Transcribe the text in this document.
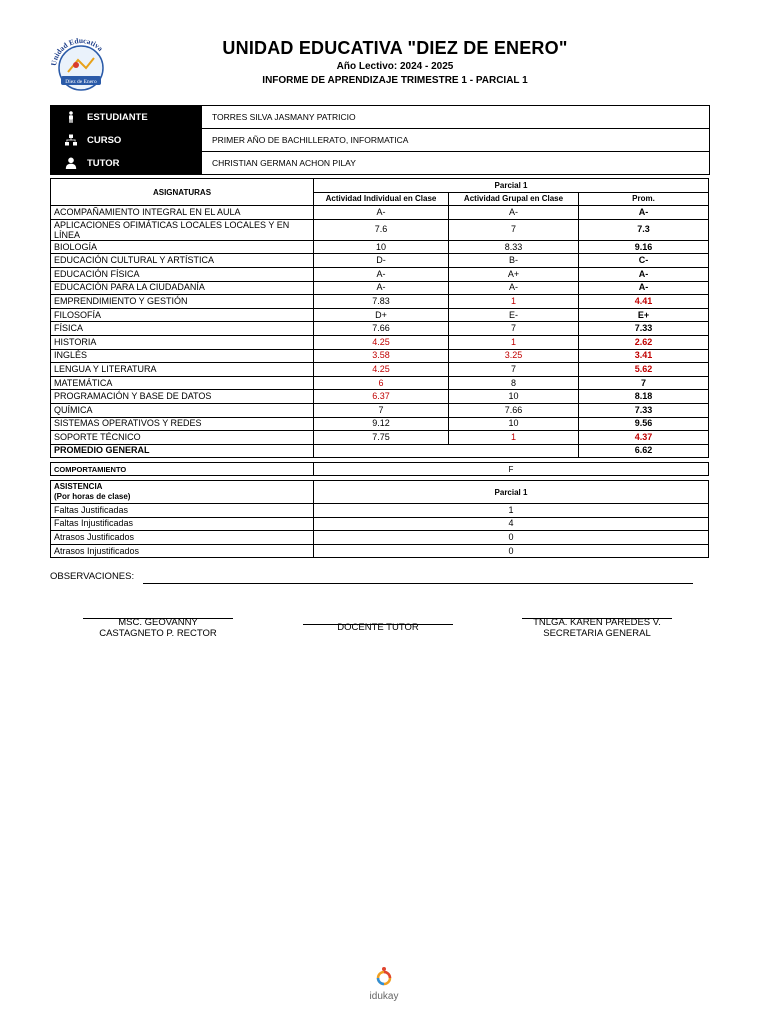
Unidad Educativa
Diez de Enero
UNIDAD EDUCATIVA "DIEZ DE ENERO"
Año Lectivo: 2024 - 2025
INFORME DE APRENDIZAJE TRIMESTRE 1 - PARCIAL 1
ESTUDIANTE	TORRES SILVA JASMANY PATRICIO
CURSO	PRIMER AÑO DE BACHILLERATO, INFORMATICA
TUTOR	CHRISTIAN GERMAN ACHON PILAY
ASIGNATURAS	Parcial 1		
	Actividad Individual en Clase	Actividad Grupal en Clase	Prom.
ACOMPAÑAMIENTO INTEGRAL EN EL AULA	A-	A-	A-
APLICACIONES OFIMÁTICAS LOCALES LOCALES Y EN LÍNEA	7.6	7	7.3
BIOLOGÍA	10	8.33	9.16
EDUCACIÓN CULTURAL Y ARTÍSTICA	D-	B-	C-
EDUCACIÓN FÍSICA	A-	A+	A-
EDUCACIÓN PARA LA CIUDADANÍA	A-	A-	A-
EMPRENDIMIENTO Y GESTIÓN	7.83	1	4.41
FILOSOFÍA	D+	E-	E+
FÍSICA	7.66	7	7.33
HISTORIA	4.25	1	2.62
INGLÉS	3.58	3.25	3.41
LENGUA Y LITERATURA	4.25	7	5.62
MATEMÁTICA	6	8	7
PROGRAMACIÓN Y BASE DE DATOS	6.37	10	8.18
QUÍMICA	7	7.66	7.33
SISTEMAS OPERATIVOS Y REDES	9.12	10	9.56
SOPORTE TÉCNICO	7.75	1	4.37
PROMEDIO GENERAL			6.62
COMPORTAMIENTO	F
ASISTENCIA
(Por horas de clase)	Parcial 1
Faltas Justificadas	1
Faltas Injustificadas	4
Atrasos Justificados	0
Atrasos Injustificados	0
OBSERVACIONES:
MSC. GEOVANNY
CASTAGNETO P. RECTOR
DOCENTE TUTOR	TNLGA. KAREN PAREDES V.
SECRETARIA GENERAL
idukay
